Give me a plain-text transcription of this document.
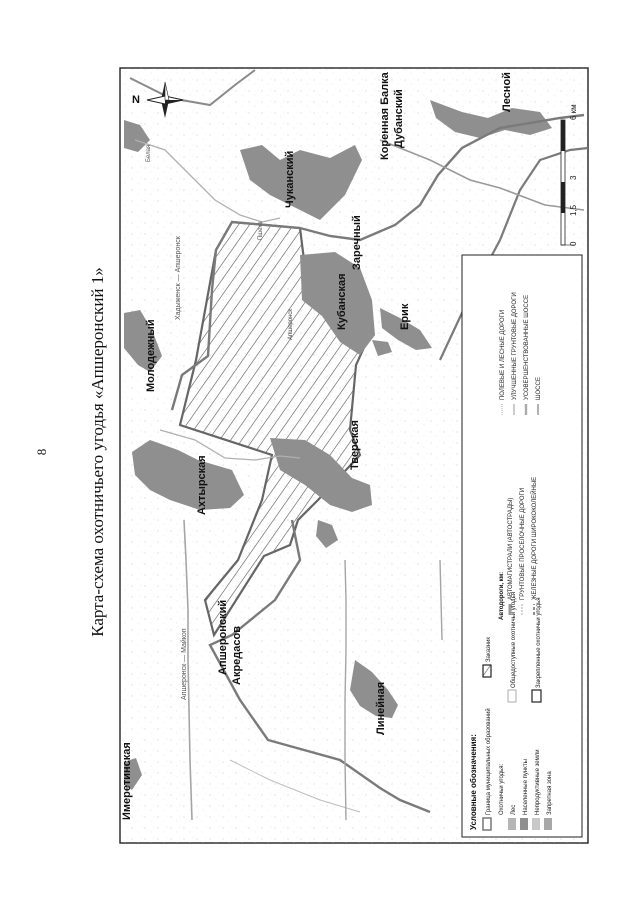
8 Карта-схема охотничьего угодья «Апшеронский 1»	Хадыженск — Апшеронск
Апшеронск — Майкоп
Имеретинская
Линейная
Акредасов
Апшеронский
Ахтырская
Молодежный
Тверская
Кубанская	Ерик
Заречный
Чуканский
Коренная Балка Дубанский	Лесной
Апшеронск
N
0
1,5
3
6 км
Условные обозначения: Граница муниципальных образований
Заказник
Охотничьи угодья: Лес
Общедоступные охотничьи угодья
Населенные пункты
Закрепленные охотничьи угодья
Непродуктивные земли Запретная зона
Автодороги, км: АВТОМАГИСТРАЛИ (АВТОСТРАДЫ) ГРУНТОВЫЕ ПРОСЕЛОЧНЫЕ ДОРОГИ	ЖЕЛЕЗНЫЕ ДОРОГИ ШИРОКОКОЛЕЙНЫЕ
ПОЛЕВЫЕ И ЛЕСНЫЕ ДОРОГИ УЛУЧШЕННЫЕ ГРУНТОВЫЕ ДОРОГИ УСОВЕРШЕНСТВОВАННЫЕ ШОССЕ ШОССЕ
Пшеха
Белая
